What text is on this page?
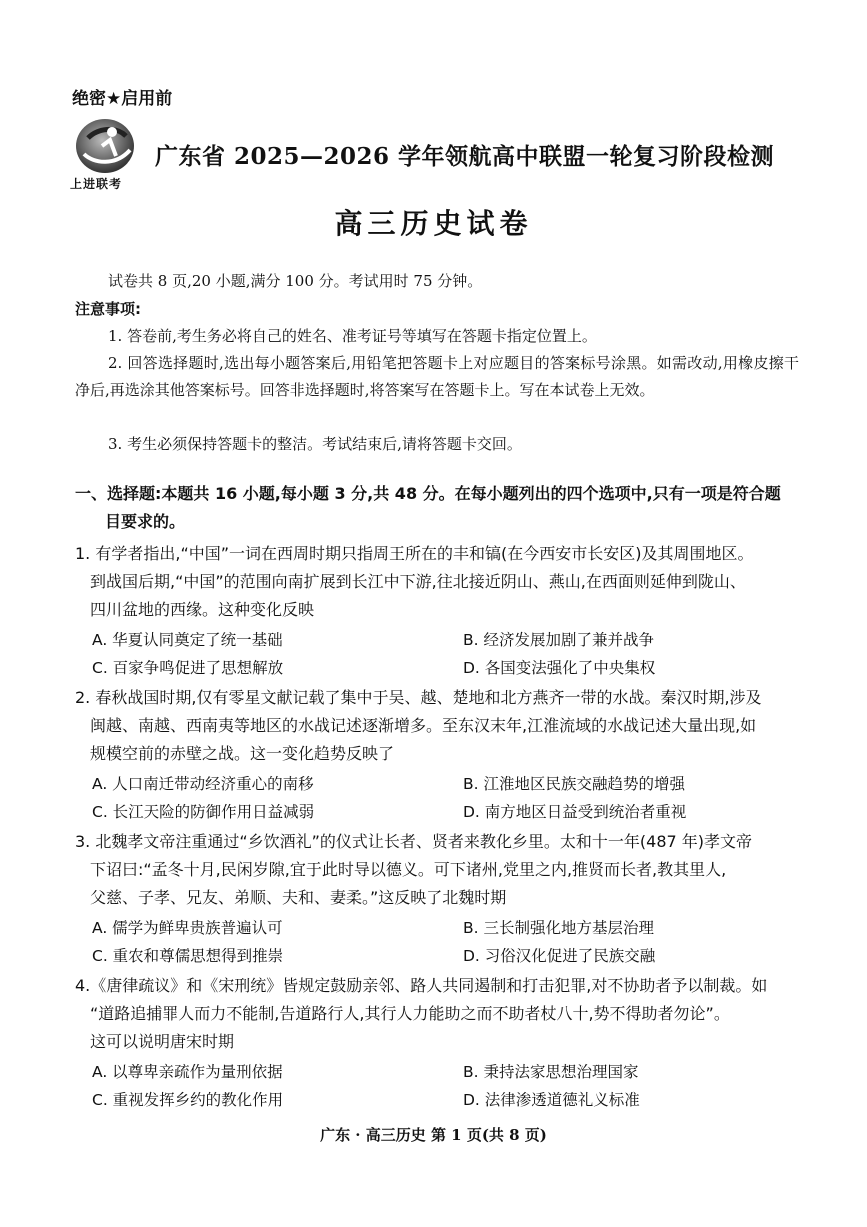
绝密★启用前
上进联考
广东省 2025—2026 学年领航高中联盟一轮复习阶段检测
高三历史试卷
试卷共 8 页,20 小题,满分 100 分。考试用时 75 分钟。
注意事项:
1. 答卷前,考生务必将自己的姓名、准考证号等填写在答题卡指定位置上。
2. 回答选择题时,选出每小题答案后,用铅笔把答题卡上对应题目的答案标号涂黑。如需改动,用橡皮擦干净后,再选涂其他答案标号。回答非选择题时,将答案写在答题卡上。写在本试卷上无效。
3. 考生必须保持答题卡的整洁。考试结束后,请将答题卡交回。
一、选择题:本题共 16 小题,每小题 3 分,共 48 分。在每小题列出的四个选项中,只有一项是符合题
目要求的。
1. 有学者指出,“中国”一词在西周时期只指周王所在的丰和镐(在今西安市长安区)及其周围地区。
到战国后期,“中国”的范围向南扩展到长江中下游,往北接近阴山、燕山,在西面则延伸到陇山、
四川盆地的西缘。这种变化反映
A. 华夏认同奠定了统一基础	B. 经济发展加剧了兼并战争
C. 百家争鸣促进了思想解放	D. 各国变法强化了中央集权
2. 春秋战国时期,仅有零星文献记载了集中于吴、越、楚地和北方燕齐一带的水战。秦汉时期,涉及
闽越、南越、西南夷等地区的水战记述逐渐增多。至东汉末年,江淮流域的水战记述大量出现,如
规模空前的赤壁之战。这一变化趋势反映了
A. 人口南迁带动经济重心的南移	B. 江淮地区民族交融趋势的增强
C. 长江天险的防御作用日益减弱	D. 南方地区日益受到统治者重视
3. 北魏孝文帝注重通过“乡饮酒礼”的仪式让长者、贤者来教化乡里。太和十一年(487 年)孝文帝
下诏曰:“孟冬十月,民闲岁隙,宜于此时导以德义。可下诸州,党里之内,推贤而长者,教其里人,
父慈、子孝、兄友、弟顺、夫和、妻柔。”这反映了北魏时期
A. 儒学为鲜卑贵族普遍认可	B. 三长制强化地方基层治理
C. 重农和尊儒思想得到推崇	D. 习俗汉化促进了民族交融
4.《唐律疏议》和《宋刑统》皆规定鼓励亲邻、路人共同遏制和打击犯罪,对不协助者予以制裁。如
“道路追捕罪人而力不能制,告道路行人,其行人力能助之而不助者杖八十,势不得助者勿论”。
这可以说明唐宋时期
A. 以尊卑亲疏作为量刑依据	B. 秉持法家思想治理国家
C. 重视发挥乡约的教化作用	D. 法律渗透道德礼义标准
广东 · 高三历史 第 1 页(共 8 页)
